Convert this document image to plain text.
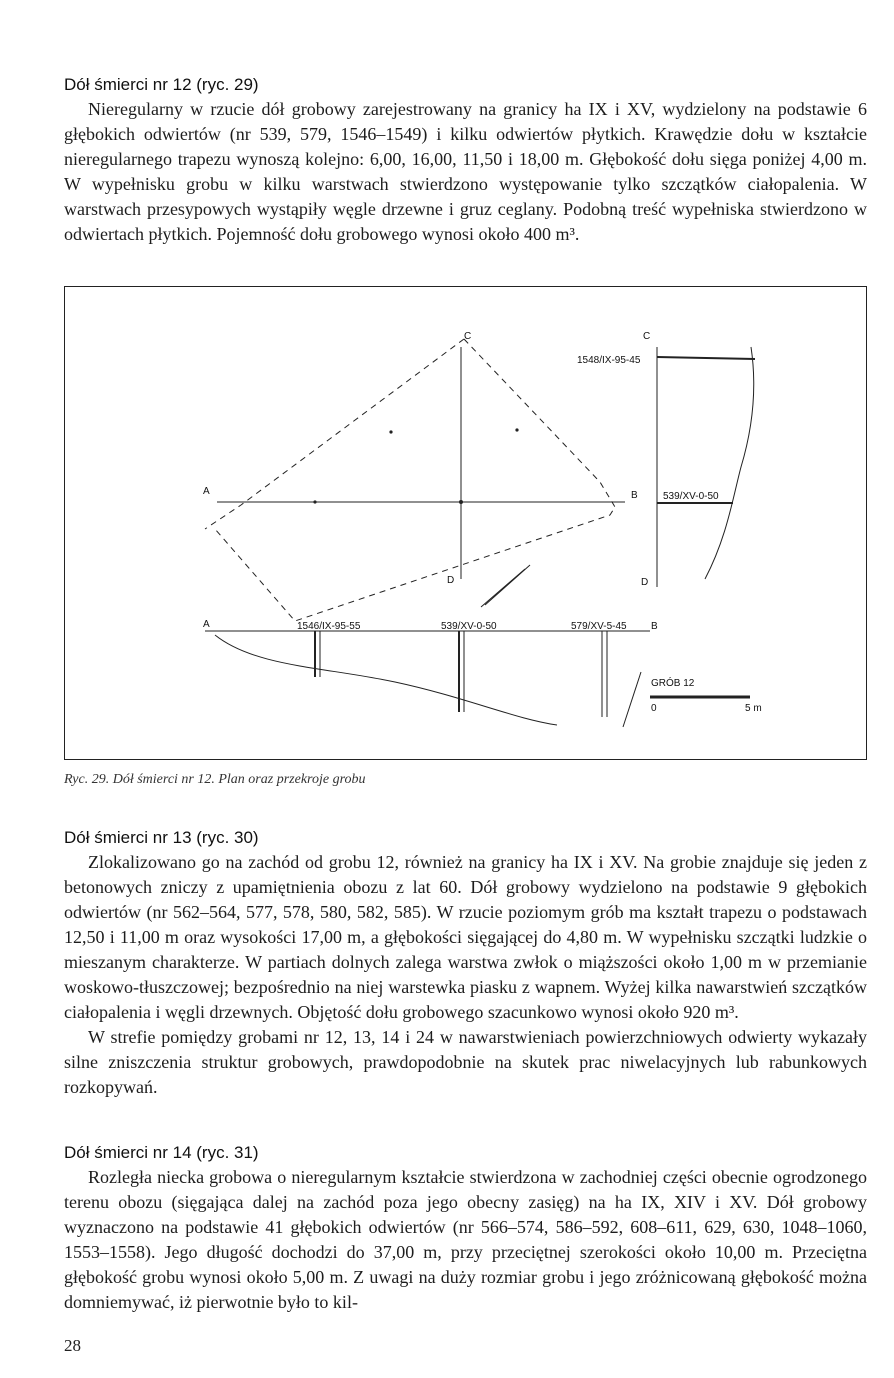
Dół śmierci nr 12 (ryc. 29)

Nieregularny w rzucie dół grobowy zarejestrowany na granicy ha IX i XV, wydzielony na podstawie 6 głębokich odwiertów (nr 539, 579, 1546–1549) i kilku odwiertów płytkich. Krawędzie dołu w kształcie nieregularnego trapezu wynoszą kolejno: 6,00, 16,00, 11,50 i 18,00 m. Głębokość dołu sięga poniżej 4,00 m. W wypełnisku grobu w kilku warstwach stwierdzono występowanie tylko szczątków ciałopalenia. W warstwach przesypowych wystąpiły węgle drzewne i gruz ceglany. Podobną treść wypełniska stwierdzono w odwiertach płytkich. Pojemność dołu grobowego wynosi około 400 m³.

C
A	B
D
C
D
A	B
1548/IX-95-45
539/XV-0-50
1546/IX-95-55	539/XV-0-50	579/XV-5-45
GRÓB 12
0	5 m
Ryc. 29. Dół śmierci nr 12. Plan oraz przekroje grobu
Dół śmierci nr 13 (ryc. 30)

Zlokalizowano go na zachód od grobu 12, również na granicy ha IX i XV. Na grobie znajduje się jeden z betonowych zniczy z upamiętnienia obozu z lat 60. Dół grobowy wydzielono na podstawie 9 głębokich odwiertów (nr 562–564, 577, 578, 580, 582, 585). W rzucie poziomym grób ma kształt trapezu o podstawach 12,50 i 11,00 m oraz wysokości 17,00 m, a głębokości sięgającej do 4,80 m. W wypełnisku szczątki ludzkie o mieszanym charakterze. W partiach dolnych zalega warstwa zwłok o miąższości około 1,00 m w przemianie woskowo-tłuszczowej; bezpośrednio na niej warstewka piasku z wapnem. Wyżej kilka nawarstwień szczątków ciałopalenia i węgli drzewnych. Objętość dołu grobowego szacunkowo wynosi około 920 m³.

W strefie pomiędzy grobami nr 12, 13, 14 i 24 w nawarstwieniach powierzchniowych odwierty wykazały silne zniszczenia struktur grobowych, prawdopodobnie na skutek prac niwelacyjnych lub rabunkowych rozkopywań.

Dół śmierci nr 14 (ryc. 31)

Rozległa niecka grobowa o nieregularnym kształcie stwierdzona w zachodniej części obecnie ogrodzonego terenu obozu (sięgająca dalej na zachód poza jego obecny zasięg) na ha IX, XIV i XV. Dół grobowy wyznaczono na podstawie 41 głębokich odwiertów (nr 566–574, 586–592, 608–611, 629, 630, 1048–1060, 1553–1558). Jego długość dochodzi do 37,00 m, przy przeciętnej szerokości około 10,00 m. Przeciętna głębokość grobu wynosi około 5,00 m. Z uwagi na duży rozmiar grobu i jego zróżnicowaną głębokość można domniemywać, iż pierwotnie było to kil-

28
